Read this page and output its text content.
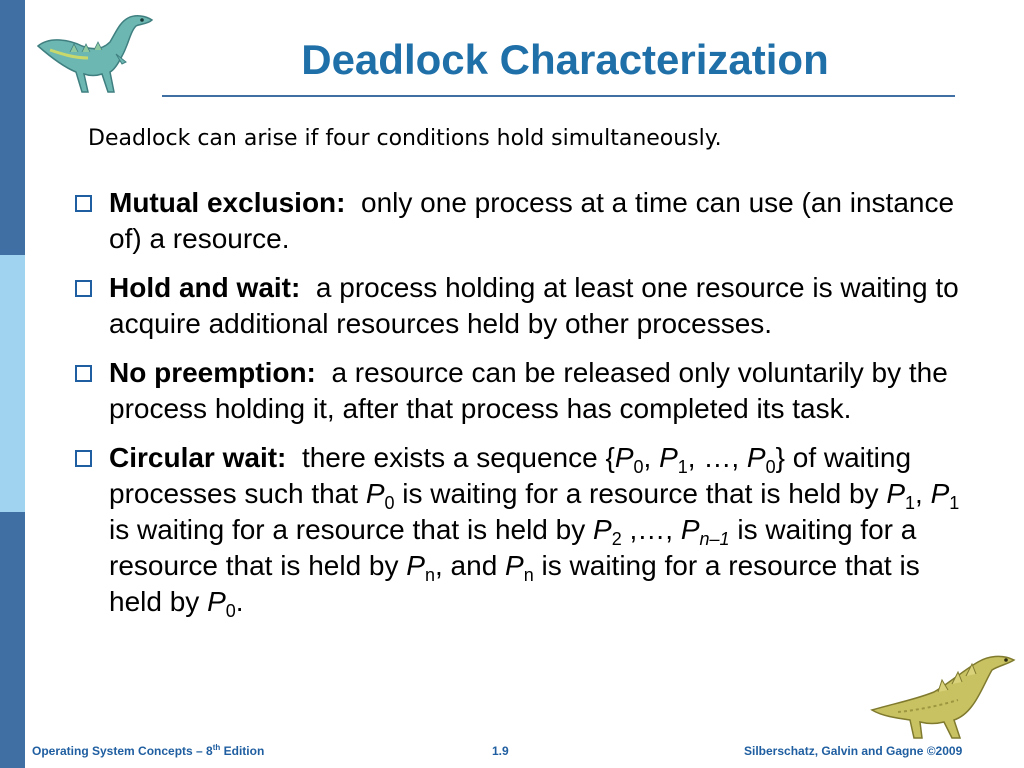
Deadlock Characterization
Deadlock can arise if four conditions hold simultaneously.
Mutual exclusion: only one process at a time can use (an instance of) a resource.
Hold and wait: a process holding at least one resource is waiting to acquire additional resources held by other processes.
No preemption: a resource can be released only voluntarily by the process holding it, after that process has completed its task.
Circular wait: there exists a sequence {$P_0$, $P_1$, …, $P_0$} of waiting processes such that $P_0$ is waiting for a resource that is held by $P_1$, $P_1$ is waiting for a resource that is held by $P_2$ ,…, $P_{n-1}$ is waiting for a resource that is held by $P_n$, and $P_n$ is waiting for a resource that is held by $P_0$.
Operating System Concepts – 8th Edition	1.9	Silberschatz, Galvin and Gagne ©2009
